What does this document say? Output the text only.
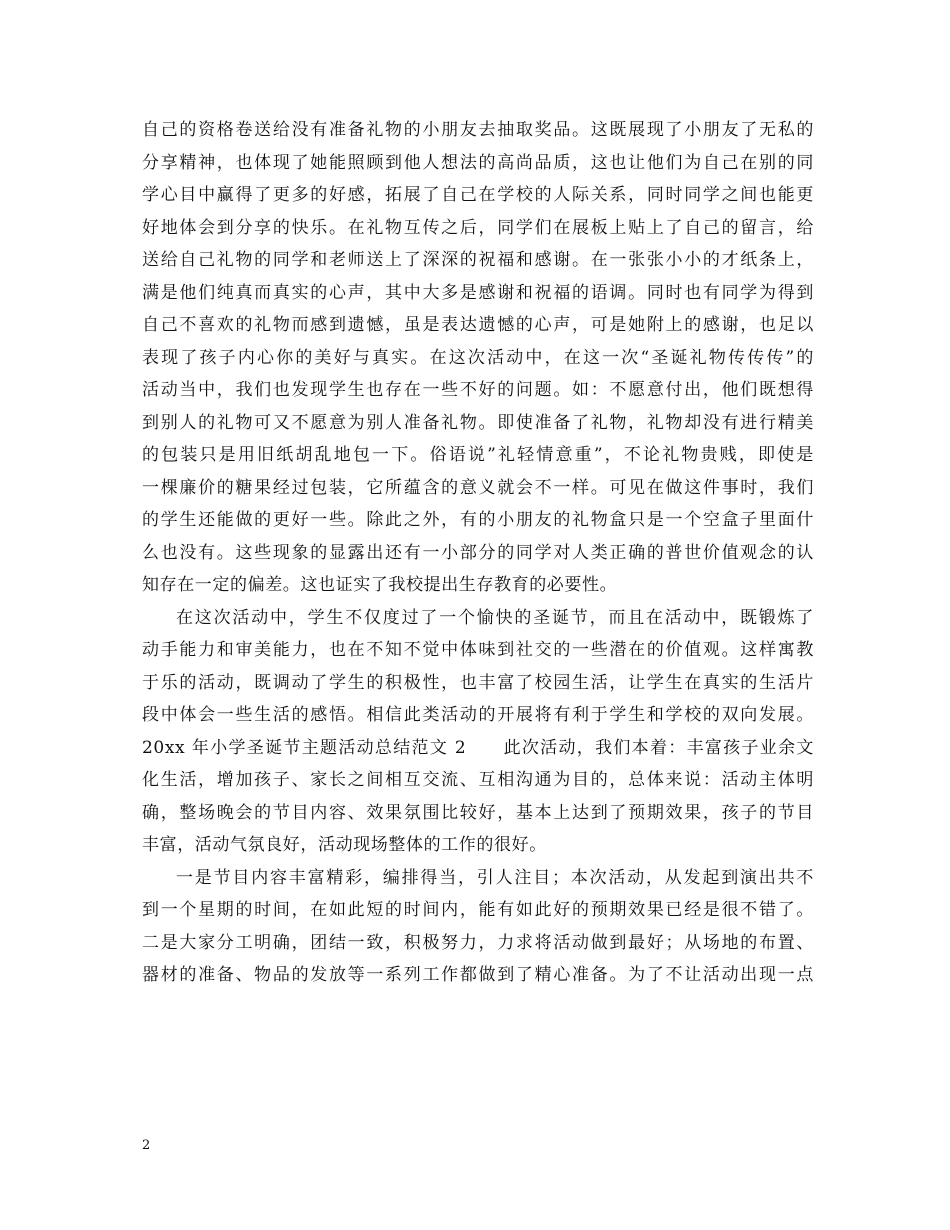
自己的资格卷送给没有准备礼物的小朋友去抽取奖品。这既展现了小朋友了无私的
分享精神，也体现了她能照顾到他人想法的高尚品质，这也让他们为自己在别的同
学心目中赢得了更多的好感，拓展了自己在学校的人际关系，同时同学之间也能更
好地体会到分享的快乐。在礼物互传之后，同学们在展板上贴上了自己的留言，给
送给自己礼物的同学和老师送上了深深的祝福和感谢。在一张张小小的才纸条上，
满是他们纯真而真实的心声，其中大多是感谢和祝福的语调。同时也有同学为得到
自己不喜欢的礼物而感到遗憾，虽是表达遗憾的心声，可是她附上的感谢，也足以
表现了孩子内心你的美好与真实。在这次活动中，在这一次“圣诞礼物传传传”的
活动当中，我们也发现学生也存在一些不好的问题。如：不愿意付出，他们既想得
到别人的礼物可又不愿意为别人准备礼物。即使准备了礼物，礼物却没有进行精美
的包装只是用旧纸胡乱地包一下。俗语说”礼轻情意重”，不论礼物贵贱，即使是
一棵廉价的糖果经过包装，它所蕴含的意义就会不一样。可见在做这件事时，我们
的学生还能做的更好一些。除此之外，有的小朋友的礼物盒只是一个空盒子里面什
么也没有。这些现象的显露出还有一小部分的同学对人类正确的普世价值观念的认
知存在一定的偏差。这也证实了我校提出生存教育的必要性。
在这次活动中，学生不仅度过了一个愉快的圣诞节，而且在活动中，既锻炼了
动手能力和审美能力，也在不知不觉中体味到社交的一些潜在的价值观。这样寓教
于乐的活动，既调动了学生的积极性，也丰富了校园生活，让学生在真实的生活片
段中体会一些生活的感悟。相信此类活动的开展将有利于学生和学校的双向发展。
20xx 年小学圣诞节主题活动总结范文 2　　此次活动，我们本着：丰富孩子业余文
化生活，增加孩子、家长之间相互交流、互相沟通为目的，总体来说：活动主体明
确，整场晚会的节目内容、效果氛围比较好，基本上达到了预期效果，孩子的节目
丰富，活动气氛良好，活动现场整体的工作的很好。
一是节目内容丰富精彩，编排得当，引人注目；本次活动，从发起到演出共不
到一个星期的时间，在如此短的时间内，能有如此好的预期效果已经是很不错了。
二是大家分工明确，团结一致，积极努力，力求将活动做到最好；从场地的布置、
器材的准备、物品的发放等一系列工作都做到了精心准备。为了不让活动出现一点
2
